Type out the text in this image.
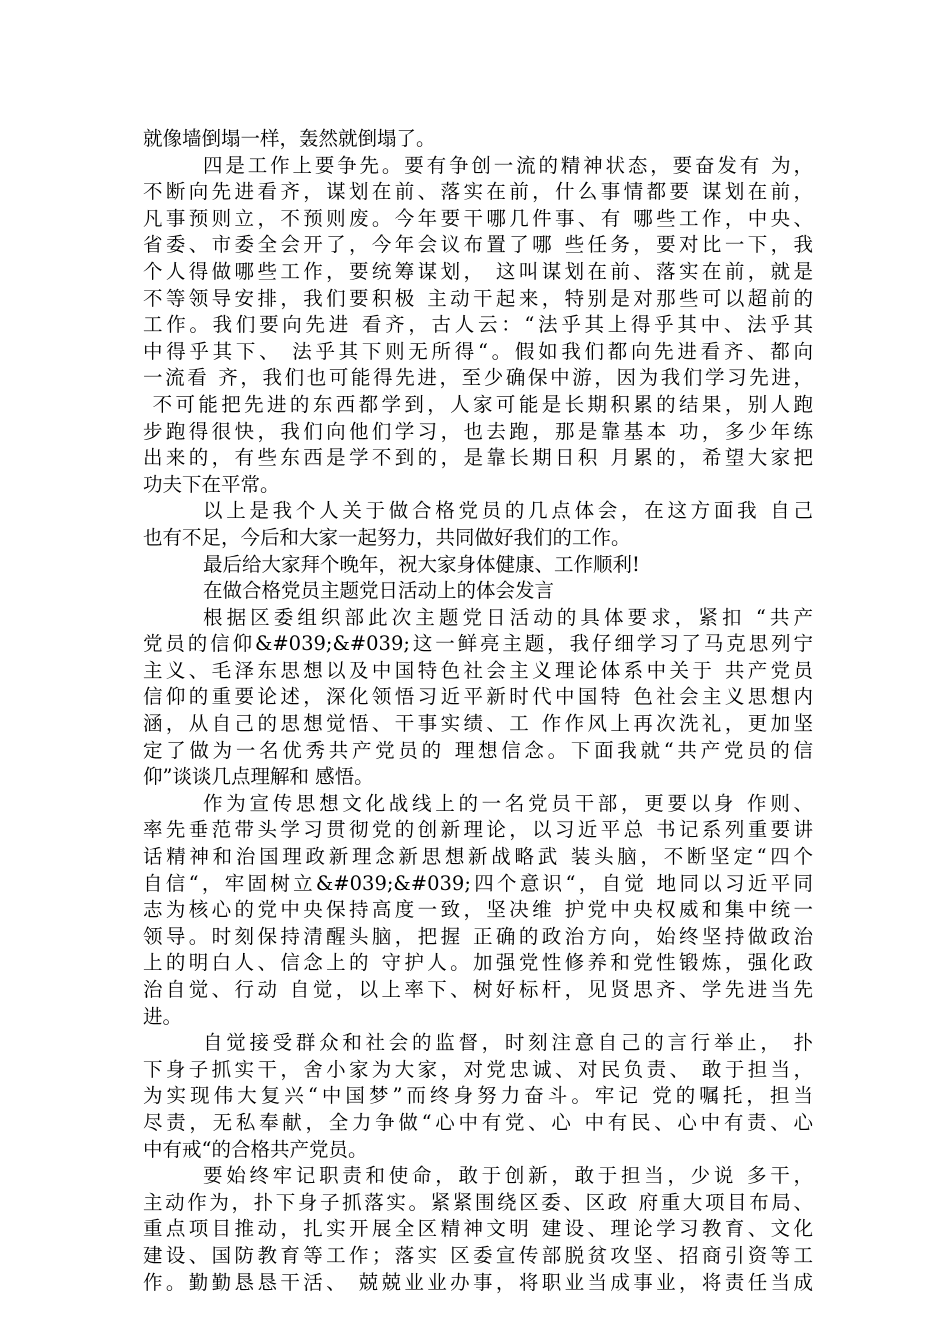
就像墙倒塌一样，轰然就倒塌了。
四是工作上要争先。要有争创一流的精神状态，要奋发有 为，
不断向先进看齐，谋划在前、落实在前，什么事情都要 谋划在前，
凡事预则立，不预则废。今年要干哪几件事、有 哪些工作，中央、
省委、市委全会开了，今年会议布置了哪 些任务，要对比一下，我
个人得做哪些工作，要统筹谋划， 这叫谋划在前、落实在前，就是
不等领导安排，我们要积极 主动干起来，特别是对那些可以超前的
工作。我们要向先进 看齐，古人云：“法乎其上得乎其中、法乎其
中得乎其下、 法乎其下则无所得“。假如我们都向先进看齐、都向
一流看 齐，我们也可能得先进，至少确保中游，因为我们学习先进，
不可能把先进的东西都学到，人家可能是长期积累的结果，别人跑
步跑得很快，我们向他们学习，也去跑，那是靠基本 功，多少年练
出来的，有些东西是学不到的，是靠长期日积 月累的，希望大家把
功夫下在平常。
以上是我个人关于做合格党员的几点体会，在这方面我 自己
也有不足，今后和大家一起努力，共同做好我们的工作。
最后给大家拜个晚年，祝大家身体健康、工作顺利!
在做合格党员主题党日活动上的体会发言
根据区委组织部此次主题党日活动的具体要求，紧扣 “共产
党员的信仰&#039;&#039;这一鲜亮主题，我仔细学习了马克思列宁
主义、毛泽东思想以及中国特色社会主义理论体系中关于 共产党员
信仰的重要论述，深化领悟习近平新时代中国特 色社会主义思想内
涵，从自己的思想觉悟、干事实绩、工 作作风上再次洗礼，更加坚
定了做为一名优秀共产党员的 理想信念。下面我就“共产党员的信
仰”谈谈几点理解和 感悟。
作为宣传思想文化战线上的一名党员干部，更要以身 作则、
率先垂范带头学习贯彻党的创新理论，以习近平总 书记系列重要讲
话精神和治国理政新理念新思想新战略武 装头脑，不断坚定“四个
自信“，牢固树立&#039;&#039;四个意识“，自觉 地同以习近平同
志为核心的党中央保持高度一致，坚决维 护党中央权威和集中统一
领导。时刻保持清醒头脑，把握 正确的政治方向，始终坚持做政治
上的明白人、信念上的 守护人。加强党性修养和党性锻炼，强化政
治自觉、行动 自觉，以上率下、树好标杆，见贤思齐、学先进当先
进。
自觉接受群众和社会的监督，时刻注意自己的言行举止， 扑
下身子抓实干，舍小家为大家，对党忠诚、对民负责、 敢于担当，
为实现伟大复兴“中国梦”而终身努力奋斗。牢记 党的嘱托，担当
尽责，无私奉献，全力争做“心中有党、心 中有民、心中有责、心
中有戒“的合格共产党员。
要始终牢记职责和使命，敢于创新，敢于担当，少说 多干，
主动作为，扑下身子抓落实。紧紧围绕区委、区政 府重大项目布局、
重点项目推动，扎实开展全区精神文明 建设、理论学习教育、文化
建设、国防教育等工作；落实 区委宣传部脱贫攻坚、招商引资等工
作。勤勤恳恳干活、 兢兢业业办事，将职业当成事业，将责任当成
